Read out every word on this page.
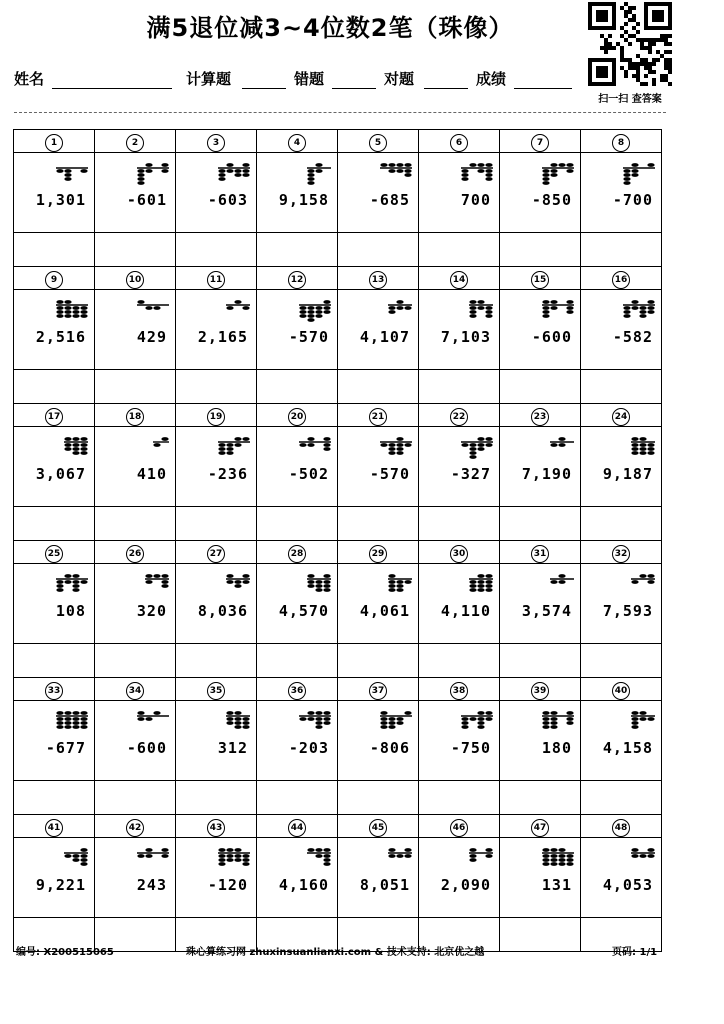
满5退位减3~4位数2笔（珠像）
扫一扫 查答案
姓名	计算题	错题	对题	成绩
1	2	3	4	5	6	7	8

1,301	-601	-603	9,158	-685	700	-850	-700

9	10	11	12	13	14	15	16

2,516	429	2,165	-570	4,107	7,103	-600	-582

17	18	19	20	21	22	23	24

3,067	410	-236	-502	-570	-327	7,190	9,187

25	26	27	28	29	30	31	32

108	320	8,036	4,570	4,061	4,110	3,574	7,593

33	34	35	36	37	38	39	40

-677	-600	312	-203	-806	-750	180	4,158

41	42	43	44	45	46	47	48

9,221	243	-120	4,160	8,051	2,090	131	4,053

编号: X200515065	珠心算练习网 zhuxinsuanlianxi.com & 技术支持: 北京优之越	页码: 1/1
